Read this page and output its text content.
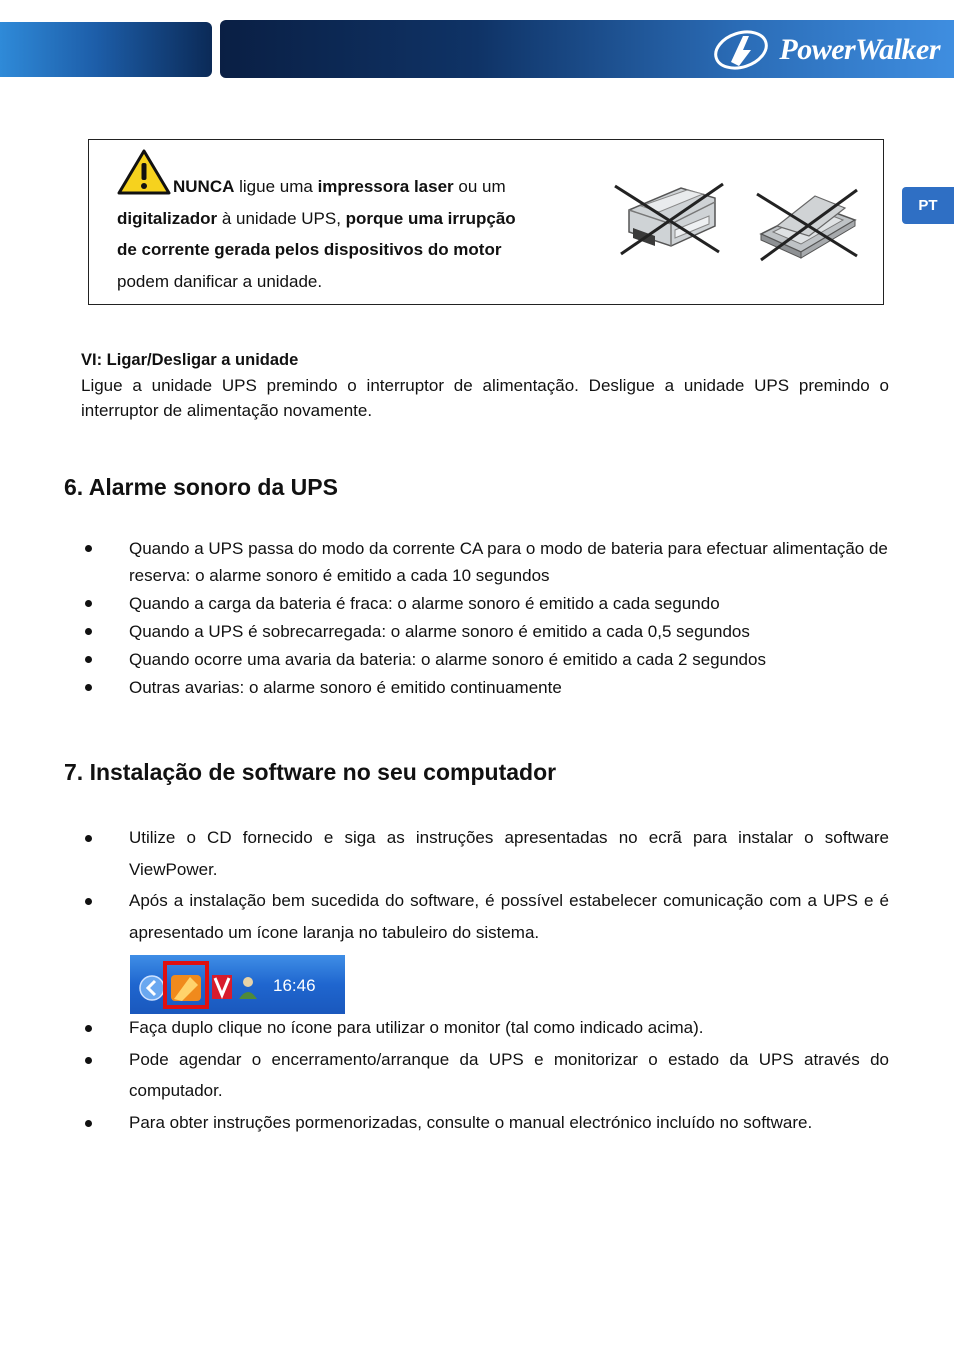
PowerWalker
PT
NUNCA ligue uma impressora laser ou um
digitalizador à unidade UPS, porque uma irrupção
de corrente gerada pelos dispositivos do motor
podem danificar a unidade.
VI: Ligar/Desligar a unidade
Ligue a unidade UPS premindo o interruptor de alimentação. Desligue a unidade UPS premindo o interruptor de alimentação novamente.
6. Alarme sonoro da UPS
Quando a UPS passa do modo da corrente CA para o modo de bateria para efectuar alimentação de reserva: o alarme sonoro é emitido a cada 10 segundos
Quando a carga da bateria é fraca: o alarme sonoro é emitido a cada segundo
Quando a UPS é sobrecarregada: o alarme sonoro é emitido a cada 0,5 segundos
Quando ocorre uma avaria da bateria: o alarme sonoro é emitido a cada 2 segundos
Outras avarias: o alarme sonoro é emitido continuamente
7. Instalação de software no seu computador
Utilize o CD fornecido e siga as instruções apresentadas no ecrã para instalar o software ViewPower.
Após a instalação bem sucedida do software, é possível estabelecer comunicação com a UPS e é apresentado um ícone laranja no tabuleiro do sistema.
16:46
Faça duplo clique no ícone para utilizar o monitor (tal como indicado acima).
Pode agendar o encerramento/arranque da UPS e monitorizar o estado da UPS através do computador.
Para obter instruções pormenorizadas, consulte o manual electrónico incluído no software.
